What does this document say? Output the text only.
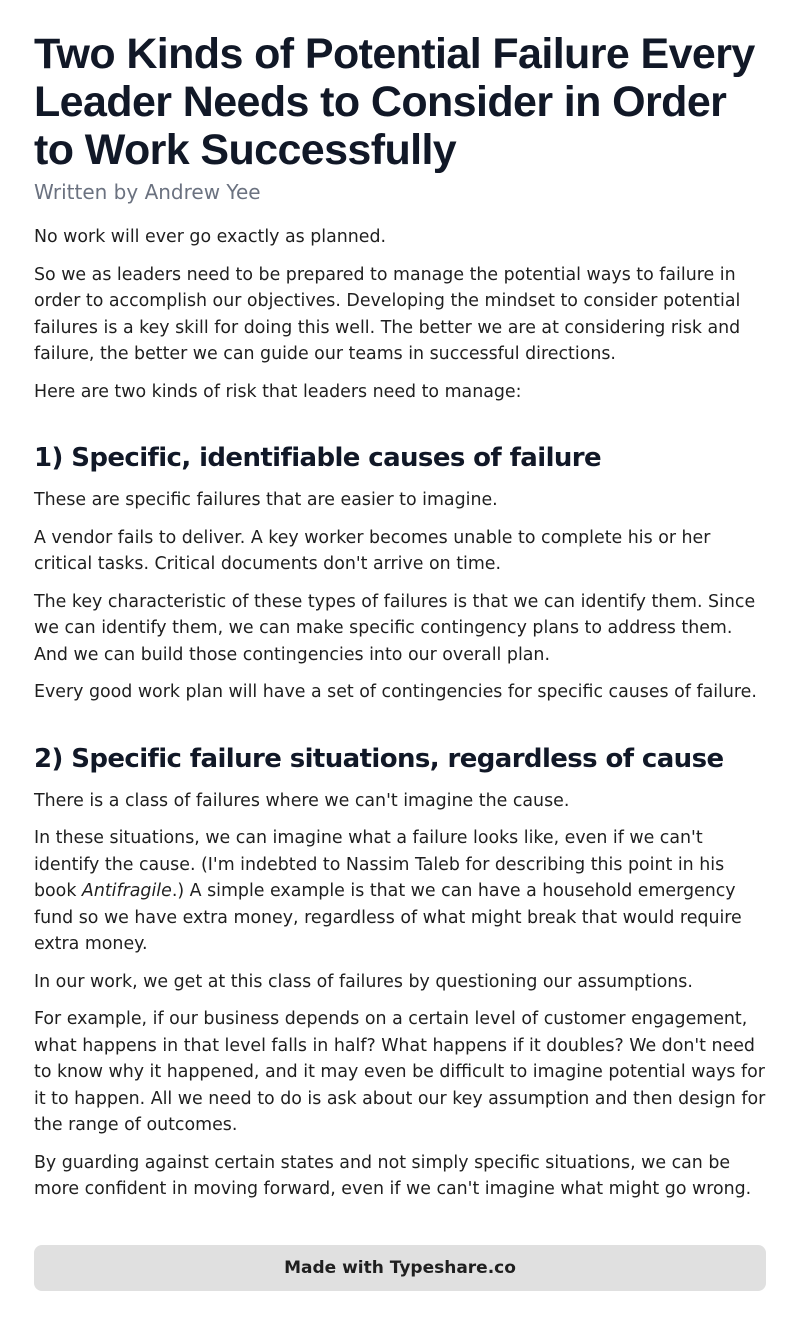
Two Kinds of Potential Failure Every Leader Needs to Consider in Order to Work Successfully
Written by Andrew Yee

No work will ever go exactly as planned.

So we as leaders need to be prepared to manage the potential ways to failure in order to accomplish our objectives. Developing the mindset to consider potential failures is a key skill for doing this well. The better we are at considering risk and failure, the better we can guide our teams in successful directions.

Here are two kinds of risk that leaders need to manage:

1) Specific, identifiable causes of failure

These are specific failures that are easier to imagine.

A vendor fails to deliver. A key worker becomes unable to complete his or her critical tasks. Critical documents don't arrive on time.

The key characteristic of these types of failures is that we can identify them. Since we can identify them, we can make specific contingency plans to address them. And we can build those contingencies into our overall plan.

Every good work plan will have a set of contingencies for specific causes of failure.

2) Specific failure situations, regardless of cause

There is a class of failures where we can't imagine the cause.

In these situations, we can imagine what a failure looks like, even if we can't identify the cause. (I'm indebted to Nassim Taleb for describing this point in his book Antifragile.) A simple example is that we can have a household emergency fund so we have extra money, regardless of what might break that would require extra money.

In our work, we get at this class of failures by questioning our assumptions.

For example, if our business depends on a certain level of customer engagement, what happens in that level falls in half? What happens if it doubles? We don't need to know why it happened, and it may even be difficult to imagine potential ways for it to happen. All we need to do is ask about our key assumption and then design for the range of outcomes.

By guarding against certain states and not simply specific situations, we can be more confident in moving forward, even if we can't imagine what might go wrong.

Made with Typeshare.co
